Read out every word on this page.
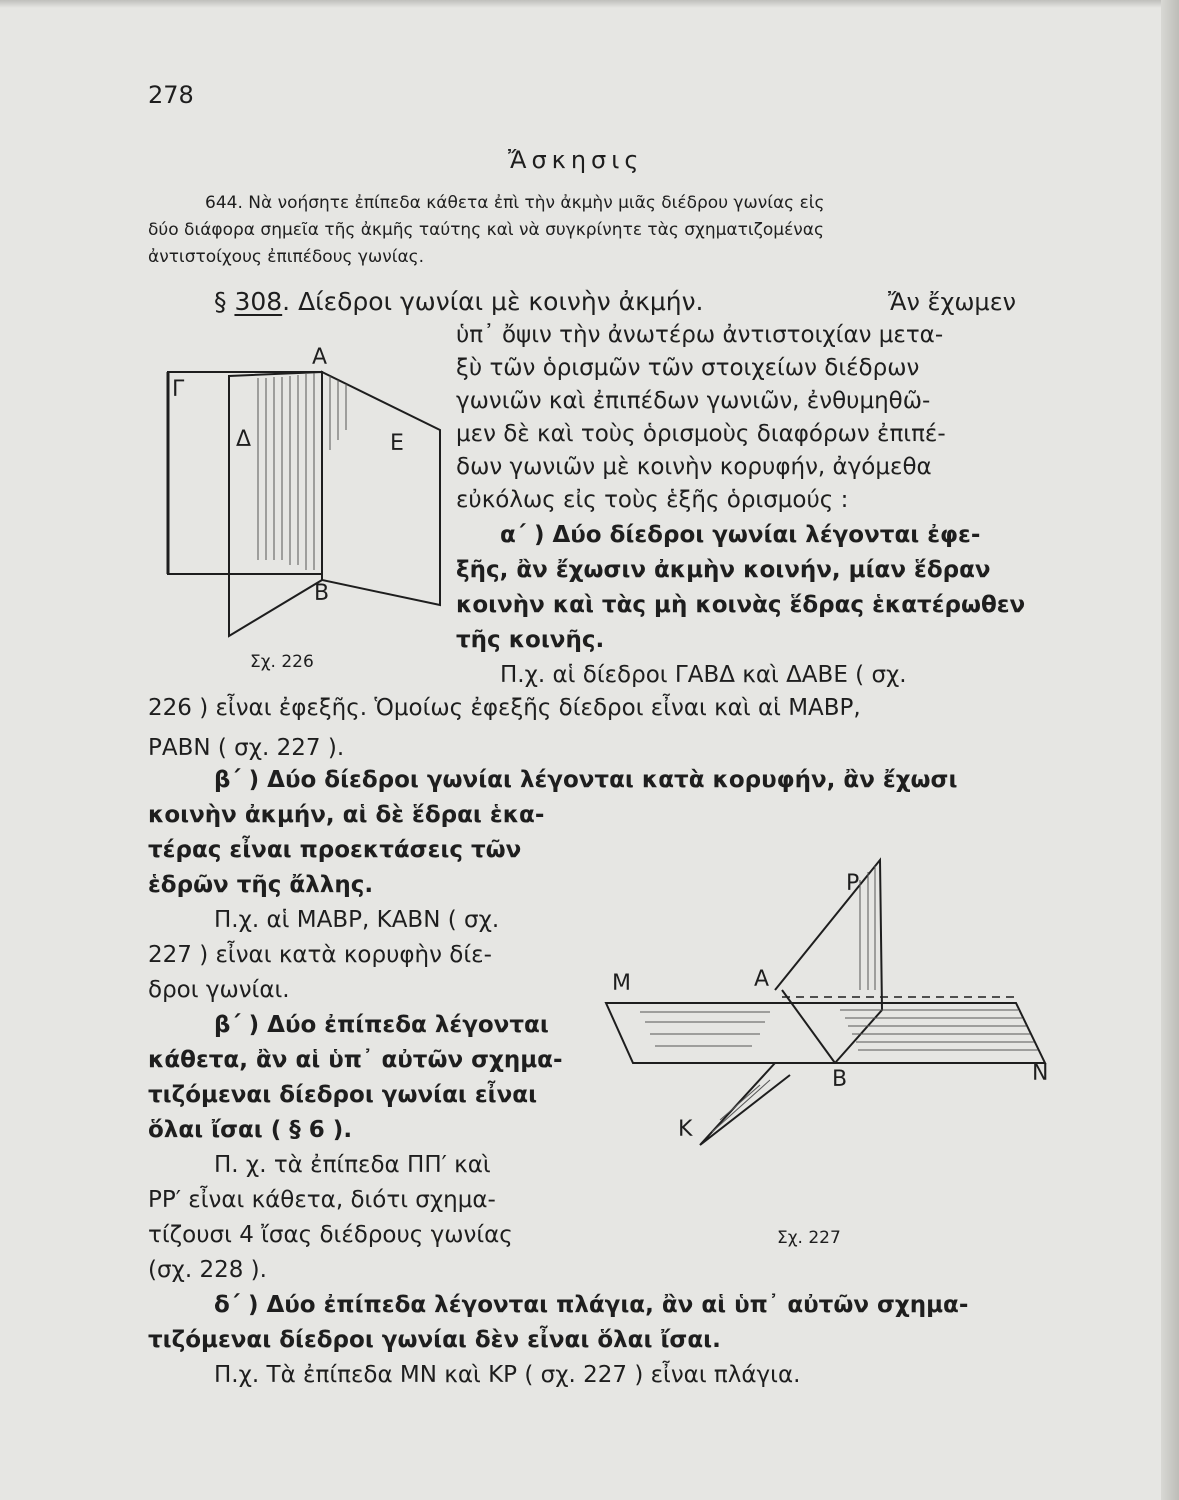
278
Ἄσκησις
644. Νὰ νοήσητε ἐπίπεδα κάθετα ἐπὶ τὴν ἀκμὴν μιᾶς διέδρου γωνίας εἰς
δύο διάφορα σημεῖα τῆς ἀκμῆς ταύτης καὶ νὰ συγκρίνητε τὰς σχηματιζομένας
ἀντιστοίχους ἐπιπέδους γωνίας.
§ 308. Δίεδροι γωνίαι μὲ κοινὴν ἀκμήν.	Ἄν ἔχωμεν
ὑπ᾽ ὄψιν τὴν ἀνωτέρω ἀντιστοιχίαν μετα-
ξὺ τῶν ὁρισμῶν τῶν στοιχείων διέδρων
γωνιῶν καὶ ἐπιπέδων γωνιῶν, ἐνθυμηθῶ-
μεν δὲ καὶ τοὺς ὁρισμοὺς διαφόρων ἐπιπέ-
δων γωνιῶν μὲ κοινὴν κορυφήν, ἀγόμεθα
εὐκόλως εἰς τοὺς ἑξῆς ὁρισμούς :
α΄ ) Δύο δίεδροι γωνίαι λέγονται ἐφε-
ξῆς, ἂν ἔχωσιν ἀκμὴν κοινήν, μίαν ἕδραν
κοινὴν καὶ τὰς μὴ κοινὰς ἕδρας ἑκατέρωθεν
τῆς κοινῆς.
Π.χ. αἱ δίεδροι ΓΑΒΔ καὶ ΔΑΒΕ ( σχ.
226 ) εἶναι ἐφεξῆς. Ὁμοίως ἐφεξῆς δίεδροι εἶναι καὶ αἱ ΜΑΒΡ,
ΡΑΒΝ ( σχ. 227 ).
β΄ ) Δύο δίεδροι γωνίαι λέγονται κατὰ κορυφήν, ἂν ἔχωσι
κοινὴν ἀκμήν, αἱ δὲ ἕδραι ἑκα-
τέρας εἶναι προεκτάσεις τῶν
ἑδρῶν τῆς ἄλλης.
Π.χ. αἱ ΜΑΒΡ, ΚΑΒΝ ( σχ.
227 ) εἶναι κατὰ κορυφὴν δίε-
δροι γωνίαι.
β΄ ) Δύο ἐπίπεδα λέγονται
κάθετα, ἂν αἱ ὑπ᾽ αὐτῶν σχημα-
τιζόμεναι δίεδροι γωνίαι εἶναι
ὅλαι ἴσαι ( § 6 ).
Π. χ. τὰ ἐπίπεδα ΠΠ′ καὶ
ΡΡ′ εἶναι κάθετα, διότι σχημα-
τίζουσι 4 ἴσας διέδρους γωνίας
(σχ. 228 ).
δ΄ ) Δύο ἐπίπεδα λέγονται πλάγια, ἂν αἱ ὑπ᾽ αὐτῶν σχημα-
τιζόμεναι δίεδροι γωνίαι δὲν εἶναι ὅλαι ἴσαι.
Π.χ. Τὰ ἐπίπεδα ΜΝ καὶ ΚΡ ( σχ. 227 ) εἶναι πλάγια.
Α
Γ
Δ	Ε
Β
Σχ. 226
Ρ
Μ	Α
Β	Ν
Κ
Σχ. 227
